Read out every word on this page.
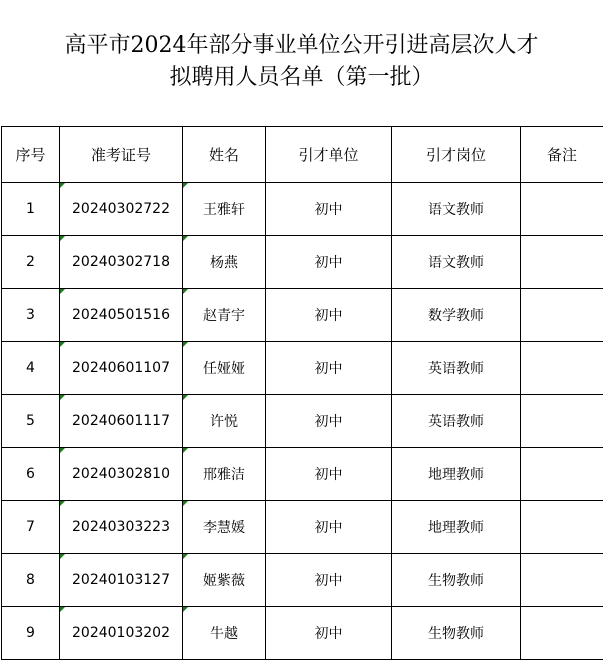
高平市2024年部分事业单位公开引进高层次人才
拟聘用人员名单（第一批）
序号	准考证号	姓名	引才单位	引才岗位	备注
1	20240302722	王雅轩	初中	语文教师	
2	20240302718	杨燕	初中	语文教师	
3	20240501516	赵青宇	初中	数学教师	
4	20240601107	任娅娅	初中	英语教师	
5	20240601117	许悦	初中	英语教师	
6	20240302810	邢雅洁	初中	地理教师	
7	20240303223	李慧媛	初中	地理教师	
8	20240103127	姬紫薇	初中	生物教师	
9	20240103202	牛越	初中	生物教师	
